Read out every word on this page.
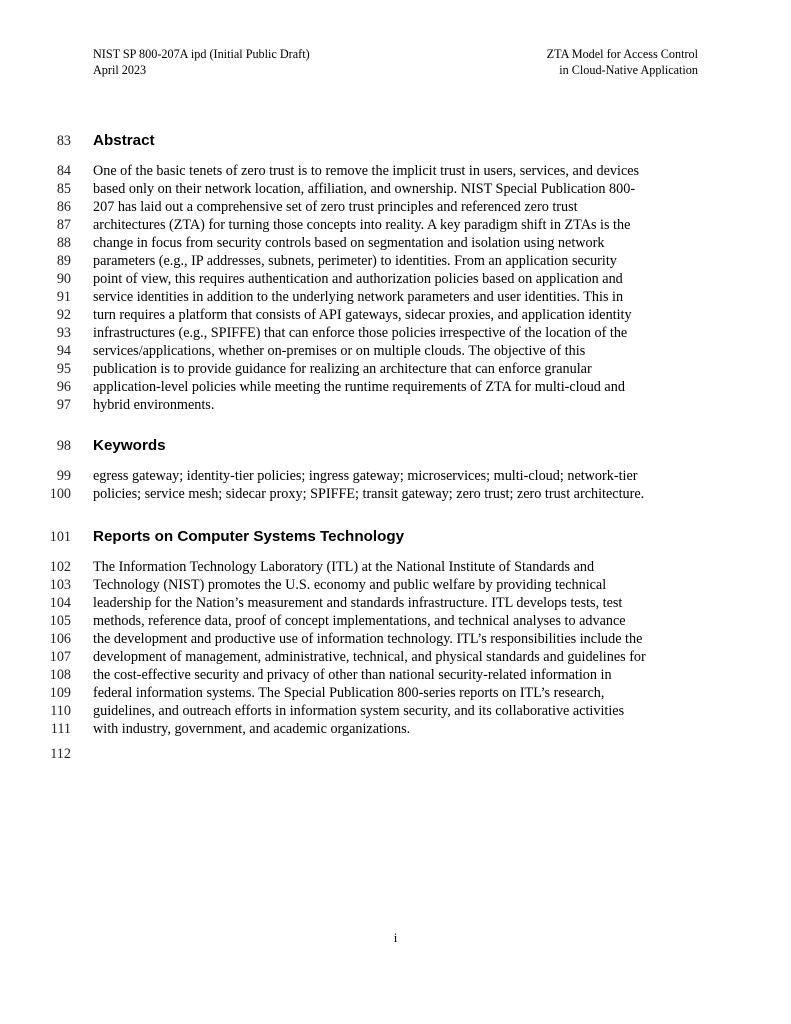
NIST SP 800-207A ipd (Initial Public Draft)
April 2023
ZTA Model for Access Control
in Cloud-Native Application
83 Abstract
84 One of the basic tenets of zero trust is to remove the implicit trust in users, services, and devices
85 based only on their network location, affiliation, and ownership. NIST Special Publication 800-
86 207 has laid out a comprehensive set of zero trust principles and referenced zero trust
87 architectures (ZTA) for turning those concepts into reality. A key paradigm shift in ZTAs is the
88 change in focus from security controls based on segmentation and isolation using network
89 parameters (e.g., IP addresses, subnets, perimeter) to identities. From an application security
90 point of view, this requires authentication and authorization policies based on application and
91 service identities in addition to the underlying network parameters and user identities. This in
92 turn requires a platform that consists of API gateways, sidecar proxies, and application identity
93 infrastructures (e.g., SPIFFE) that can enforce those policies irrespective of the location of the
94 services/applications, whether on-premises or on multiple clouds. The objective of this
95 publication is to provide guidance for realizing an architecture that can enforce granular
96 application-level policies while meeting the runtime requirements of ZTA for multi-cloud and
97 hybrid environments.
98 Keywords
99 egress gateway; identity-tier policies; ingress gateway; microservices; multi-cloud; network-tier
100 policies; service mesh; sidecar proxy; SPIFFE; transit gateway; zero trust; zero trust architecture.
101 Reports on Computer Systems Technology
102 The Information Technology Laboratory (ITL) at the National Institute of Standards and
103 Technology (NIST) promotes the U.S. economy and public welfare by providing technical
104 leadership for the Nation’s measurement and standards infrastructure. ITL develops tests, test
105 methods, reference data, proof of concept implementations, and technical analyses to advance
106 the development and productive use of information technology. ITL’s responsibilities include the
107 development of management, administrative, technical, and physical standards and guidelines for
108 the cost-effective security and privacy of other than national security-related information in
109 federal information systems. The Special Publication 800-series reports on ITL’s research,
110 guidelines, and outreach efforts in information system security, and its collaborative activities
111 with industry, government, and academic organizations.
112
i
